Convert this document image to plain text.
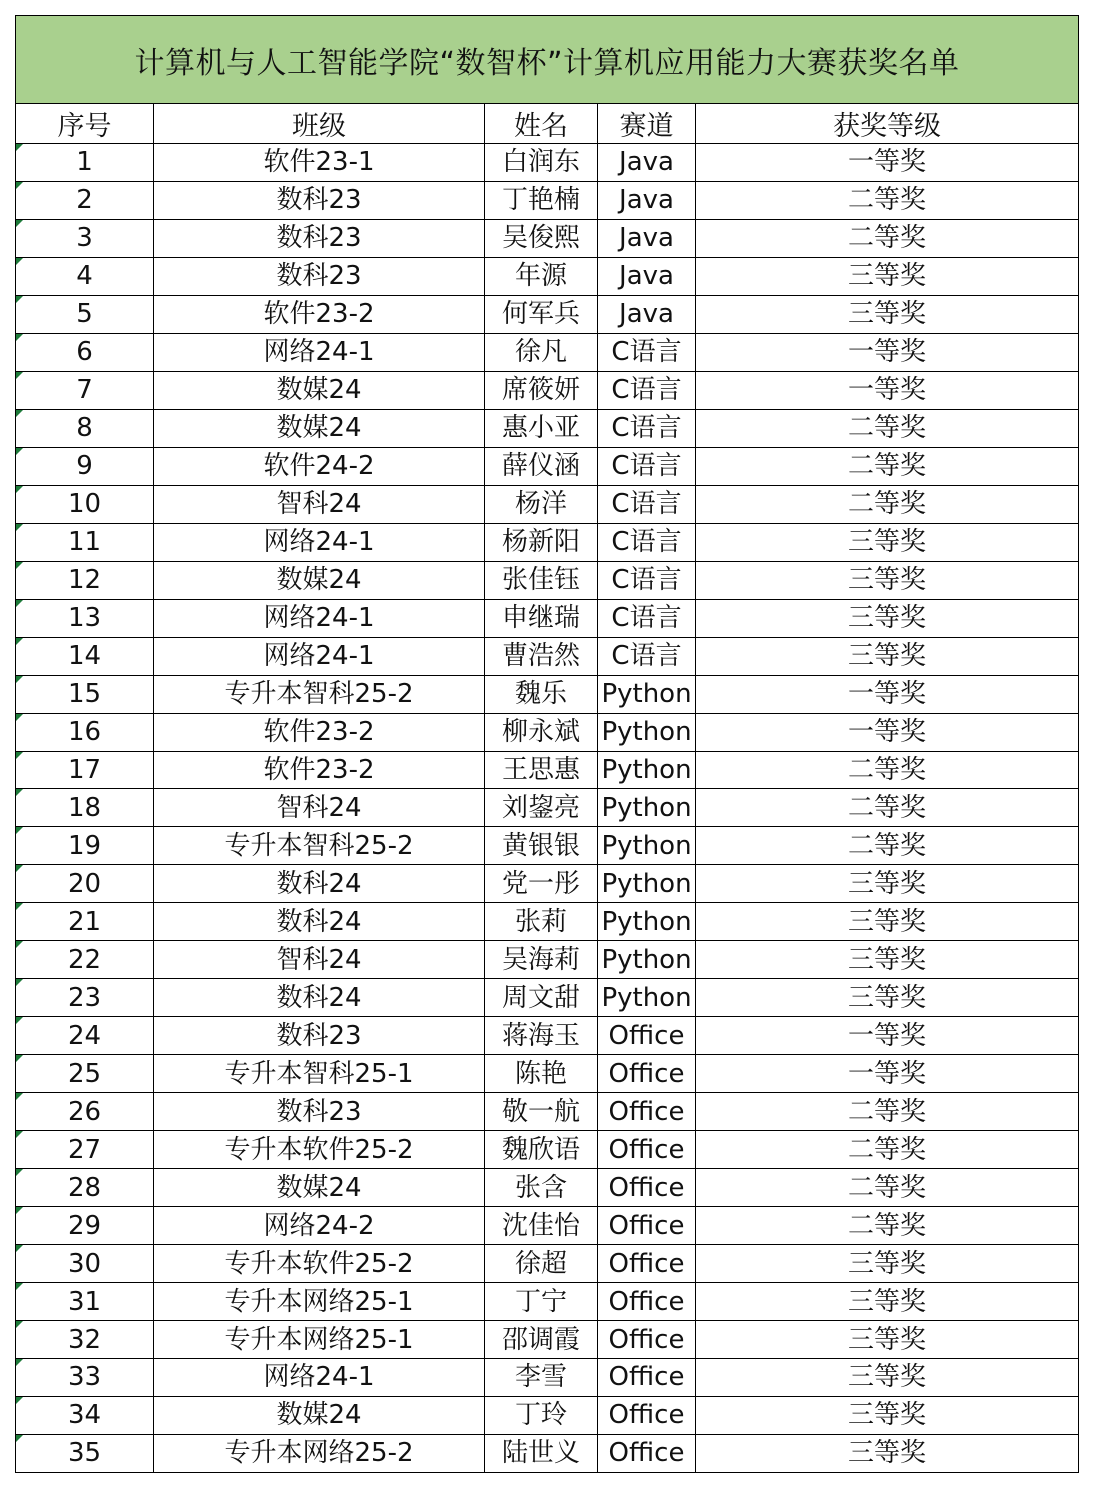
计算机与人工智能学院“数智杯”计算机应用能力大赛获奖名单				
序号	班级	姓名	赛道	获奖等级

1	软件23-1	白润东	Java	一等奖

2	数科23	丁艳楠	Java	二等奖

3	数科23	吴俊熙	Java	二等奖

4	数科23	年源	Java	三等奖

5	软件23-2	何军兵	Java	三等奖

6	网络24-1	徐凡	C语言	一等奖

7	数媒24	席筱妍	C语言	一等奖

8	数媒24	惠小亚	C语言	二等奖

9	软件24-2	薛仪涵	C语言	二等奖

10	智科24	杨洋	C语言	二等奖

11	网络24-1	杨新阳	C语言	三等奖

12	数媒24	张佳钰	C语言	三等奖

13	网络24-1	申继瑞	C语言	三等奖

14	网络24-1	曹浩然	C语言	三等奖

15	专升本智科25-2	魏乐	Python	一等奖

16	软件23-2	柳永斌	Python	一等奖

17	软件23-2	王思惠	Python	二等奖

18	智科24	刘鋆亮	Python	二等奖

19	专升本智科25-2	黄银银	Python	二等奖

20	数科24	党一彤	Python	三等奖

21	数科24	张莉	Python	三等奖

22	智科24	吴海莉	Python	三等奖

23	数科24	周文甜	Python	三等奖

24	数科23	蒋海玉	Office	一等奖

25	专升本智科25-1	陈艳	Office	一等奖

26	数科23	敬一航	Office	二等奖

27	专升本软件25-2	魏欣语	Office	二等奖

28	数媒24	张含	Office	二等奖

29	网络24-2	沈佳怡	Office	二等奖

30	专升本软件25-2	徐超	Office	三等奖

31	专升本网络25-1	丁宁	Office	三等奖

32	专升本网络25-1	邵调霞	Office	三等奖

33	网络24-1	李雪	Office	三等奖

34	数媒24	丁玲	Office	三等奖

35	专升本网络25-2	陆世义	Office	三等奖
